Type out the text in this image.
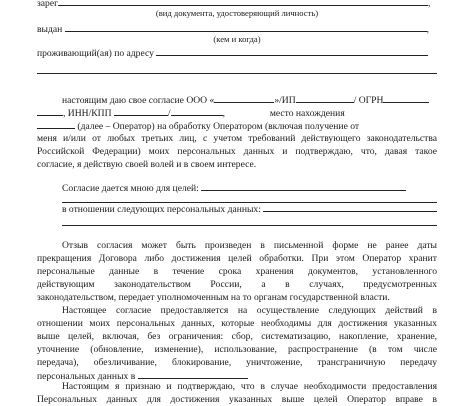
зарег	,
(вид документа, удостоверяющий личность)
выдан	,
(кем и когда)
проживающий(ая) по адресу
настоящим даю свое согласие ООО «	»/ИП	/ ОГРН
, ИНН/КПП	/	,	место нахождения
(далее – Оператор) на обработку Оператором (включая получение от
меня и/или от любых третьих лиц, с учетом требований действующего законодательства
Российской Федерации) моих персональных данных и подтверждаю, что, давая такое
согласие, я действую своей волей и в своем интересе.
Согласие дается мною для целей:
в отношении следующих персональных данных:
Отзыв согласия может быть произведен в письменной форме не ранее даты
прекращения Договора либо достижения целей обработки. При этом Оператор хранит
персональные данные в течение срока хранения документов, установленного
действующим законодательством России, а в случаях, предусмотренных
законодательством, передает уполномоченным на то органам государственной власти.
Настоящее согласие предоставляется на осуществление следующих действий в
отношении моих персональных данных, которые необходимы для достижения указанных
выше целей, включая, без ограничения: сбор, систематизацию, накопление, хранение,
уточнение (обновление, изменение), использование, распространение (в том числе
передача), обезличивание, блокирование, уничтожение, трансграничную передачу
персональных данных в
Настоящим я признаю и подтверждаю, что в случае необходимости предоставления
Персональных данных для достижения указанных выше целей Оператор вправе в
